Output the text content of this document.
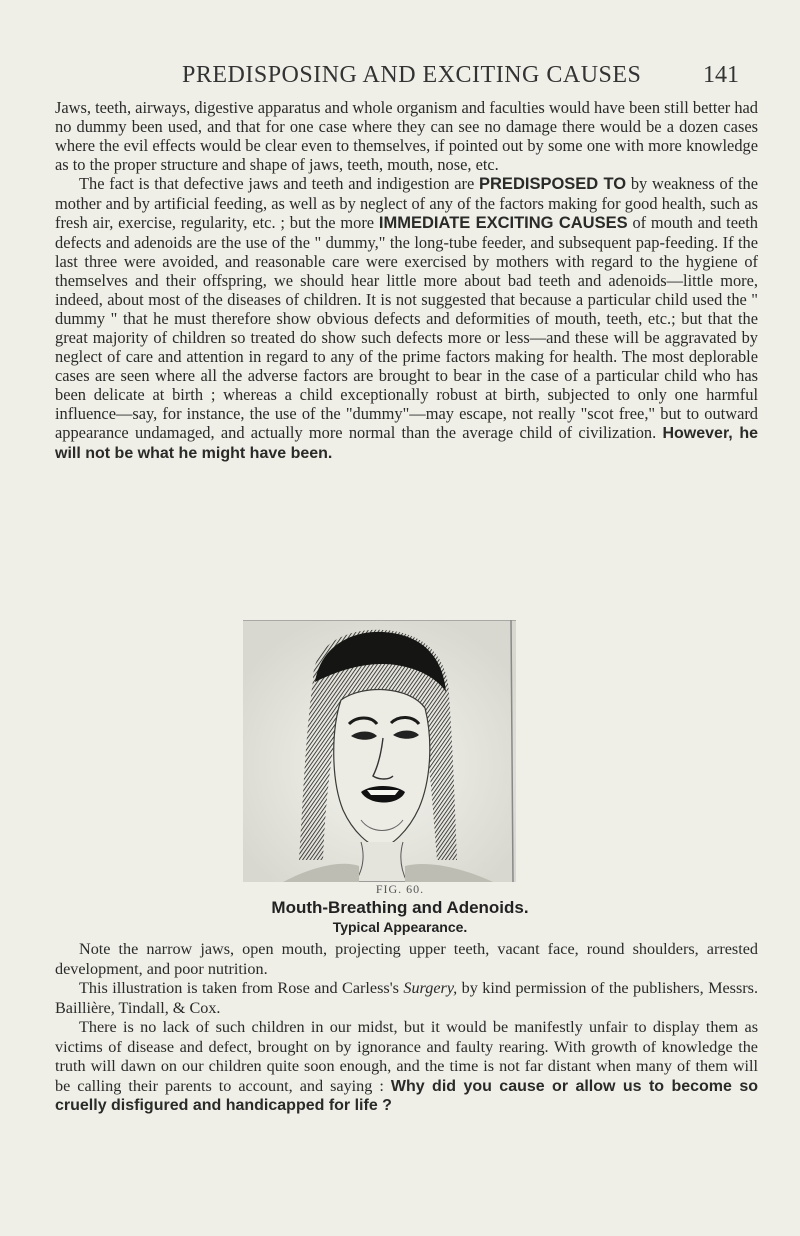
PREDISPOSING AND EXCITING CAUSES	141

Jaws, teeth, airways, digestive apparatus and whole organism and faculties would have been still better had no dummy been used, and that for one case where they can see no damage there would be a dozen cases where the evil effects would be clear even to themselves, if pointed out by some one with more knowledge as to the proper structure and shape of jaws, teeth, mouth, nose, etc.

The fact is that defective jaws and teeth and indigestion are PREDISPOSED TO by weakness of the mother and by artificial feeding, as well as by neglect of any of the factors making for good health, such as fresh air, exercise, regularity, etc. ; but the more IMMEDIATE EXCITING CAUSES of mouth and teeth defects and adenoids are the use of the " dummy," the long-tube feeder, and subsequent pap-feeding. If the last three were avoided, and reasonable care were exercised by mothers with regard to the hygiene of themselves and their offspring, we should hear little more about bad teeth and adenoids—little more, indeed, about most of the diseases of children. It is not suggested that because a particular child used the " dummy " that he must therefore show obvious defects and deformities of mouth, teeth, etc.; but that the great majority of children so treated do show such defects more or less—and these will be aggravated by neglect of care and attention in regard to any of the prime factors making for health. The most deplorable cases are seen where all the adverse factors are brought to bear in the case of a particular child who has been delicate at birth ; whereas a child exceptionally robust at birth, subjected to only one harmful influence—say, for instance, the use of the "dummy"—may escape, not really "scot free," but to outward appearance undamaged, and actually more normal than the average child of civilization. However, he will not be what he might have been.

FIG. 60.
Mouth-Breathing and Adenoids.
Typical Appearance.

Note the narrow jaws, open mouth, projecting upper teeth, vacant face, round shoulders, arrested development, and poor nutrition.

This illustration is taken from Rose and Carless's Surgery, by kind permission of the publishers, Messrs. Baillière, Tindall, & Cox.

There is no lack of such children in our midst, but it would be manifestly unfair to display them as victims of disease and defect, brought on by ignorance and faulty rearing. With growth of knowledge the truth will dawn on our children quite soon enough, and the time is not far distant when many of them will be calling their parents to account, and saying : Why did you cause or allow us to become so cruelly disfigured and handicapped for life ?
